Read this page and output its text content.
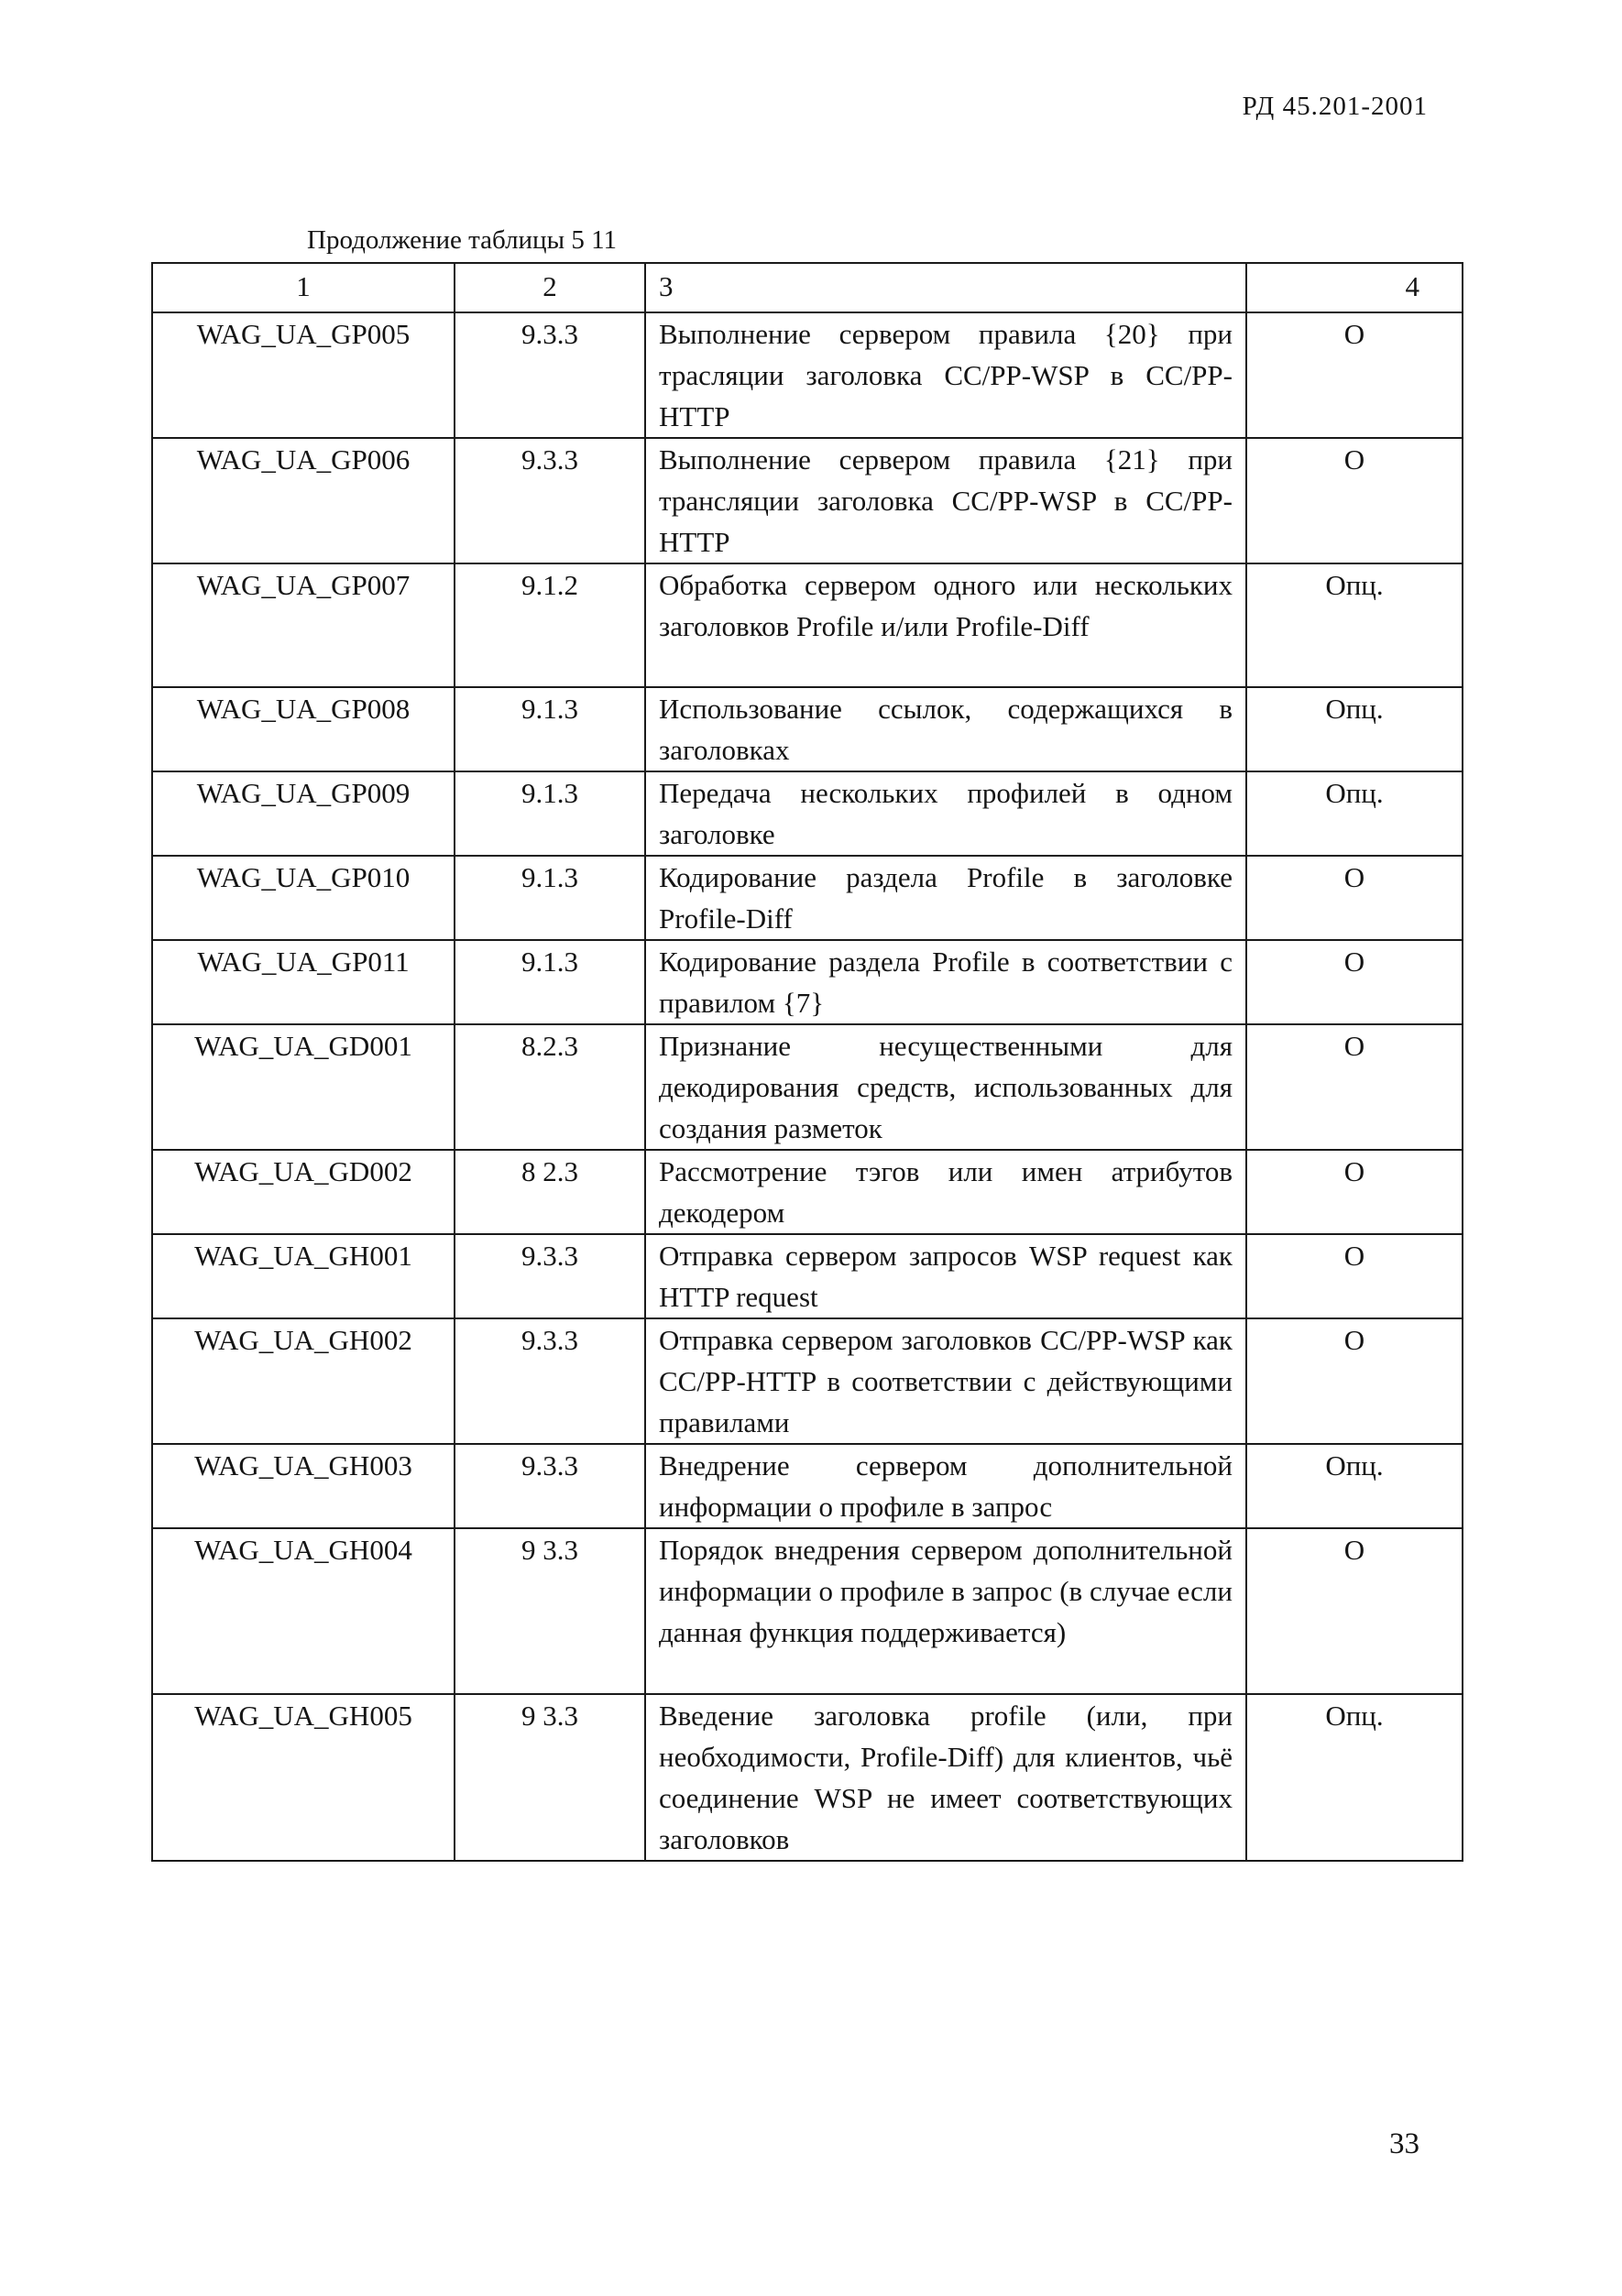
РД 45.201-2001
Продолжение таблицы 5 11
1	2	3	4
WAG_UA_GP005	9.3.3	Выполнение сервером правила {20} при трасляции заголовка CC/PP-WSP в CC/PP-HTTP	О
WAG_UA_GP006	9.3.3	Выполнение сервером правила {21} при трансляции заголовка CC/PP-WSP в CC/PP-HTTP	О
WAG_UA_GP007	9.1.2	Обработка сервером одного или нескольких заголовков Profile и/или Profile-Diff	Опц.
WAG_UA_GP008	9.1.3	Использование ссылок, содержащихся в заголовках	Опц.
WAG_UA_GP009	9.1.3	Передача нескольких профилей в одном заголовке	Опц.
WAG_UA_GP010	9.1.3	Кодирование раздела Profile в заголовке Profile-Diff	О
WAG_UA_GP011	9.1.3	Кодирование раздела Profile в соответствии с правилом {7}	О
WAG_UA_GD001	8.2.3	Признание несущественными для декодирования средств, использованных для создания разметок	О
WAG_UA_GD002	8 2.3	Рассмотрение тэгов или имен атрибутов декодером	О
WAG_UA_GH001	9.3.3	Отправка сервером запросов WSP request как HTTP request	О
WAG_UA_GH002	9.3.3	Отправка сервером заголовков CC/PP-WSP как CC/PP-HTTP в соответствии с действующими правилами	О
WAG_UA_GH003	9.3.3	Внедрение сервером дополнительной информации о профиле в запрос	Опц.
WAG_UA_GH004	9 3.3	Порядок внедрения сервером дополнительной информации о профиле в запрос (в случае если данная функция поддерживается)	О
WAG_UA_GH005	9 3.3	Введение заголовка profile (или, при необходимости, Profile-Diff) для клиентов, чьё соединение WSP не имеет соответствующих заголовков	Опц.
33
